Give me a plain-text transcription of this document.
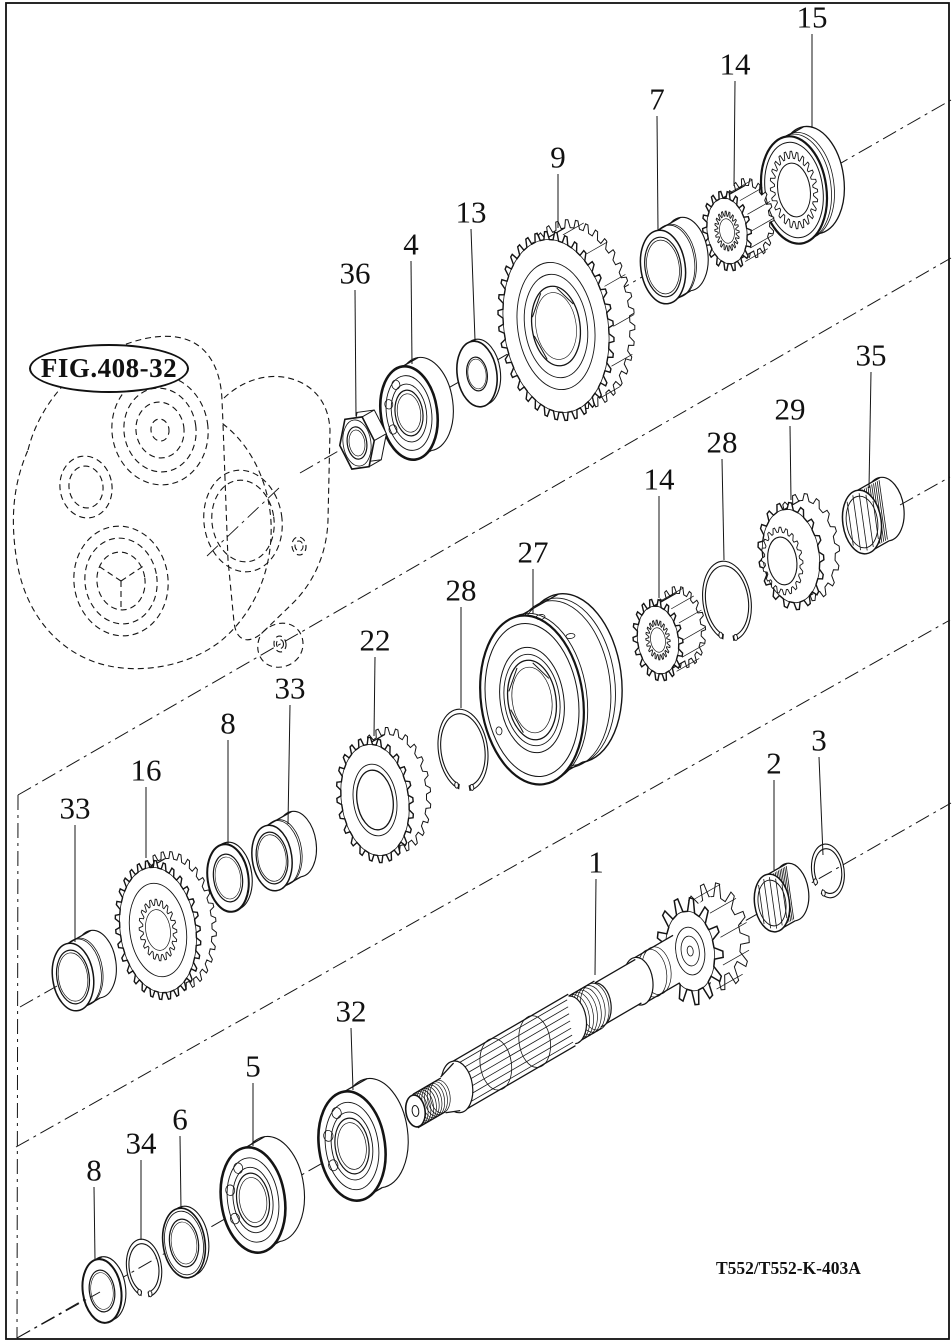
15
14
7
9
13
4
36
35
29
28
14
27
28
22
33
8
16
33
3
2
1
32
5
6
34
8
FIG.408-32
T552/T552-K-403A
